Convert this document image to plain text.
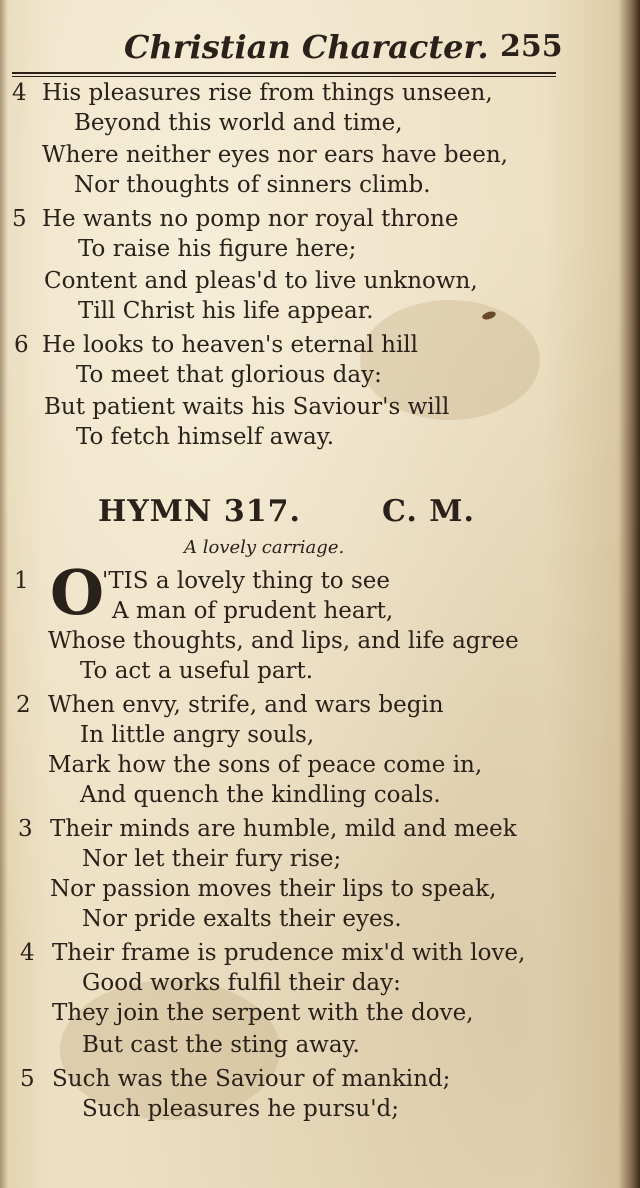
Christian Character. 255
4 His pleasures rise from things unseen,
Beyond this world and time,
Where neither eyes nor ears have been,
Nor thoughts of sinners climb.
5 He wants no pomp nor royal throne
To raise his figure here;
Content and pleas'd to live unknown,
Till Christ his life appear.
6 He looks to heaven's eternal hill
To meet that glorious day:
But patient waits his Saviour's will
To fetch himself away.
HYMN 317.	C. M.
A lovely carriage.
1 O
'TIS a lovely thing to see
A man of prudent heart,
Whose thoughts, and lips, and life agree
To act a useful part.
2 When envy, strife, and wars begin
In little angry souls,
Mark how the sons of peace come in,
And quench the kindling coals.
3 Their minds are humble, mild and meek
Nor let their fury rise;
Nor passion moves their lips to speak,
Nor pride exalts their eyes.
4 Their frame is prudence mix'd with love,
Good works fulfil their day:
They join the serpent with the dove,
But cast the sting away.
5 Such was the Saviour of mankind;
Such pleasures he pursu'd;
